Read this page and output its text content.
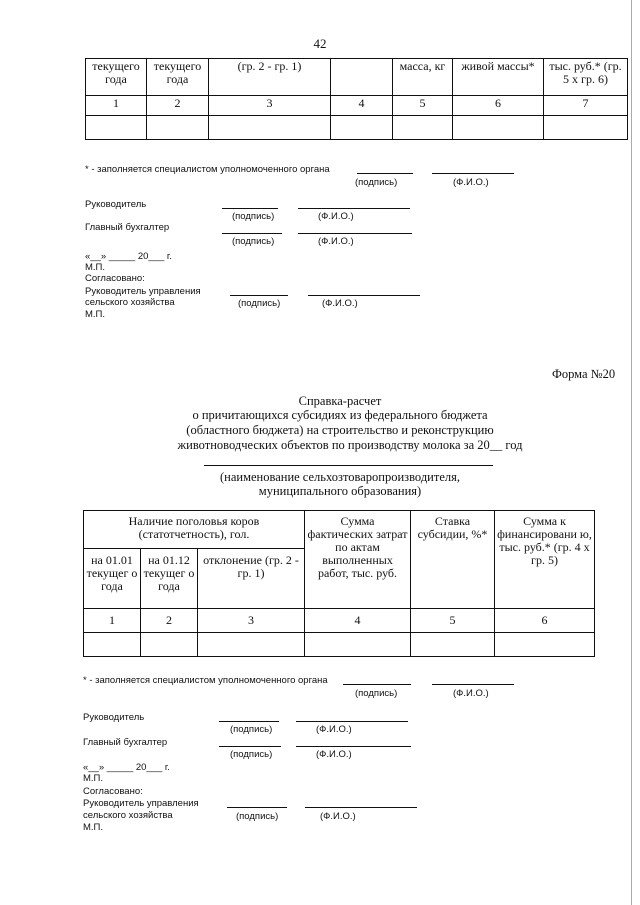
42
текущего года	текущего года	(гр. 2 - гр. 1)		масса, кг	живой массы*	тыс. руб.* (гр. 5 х гр. 6)
1	2	3	4	5	6	7

* - заполняется специалистом уполномоченного органа
(подпись)	(Ф.И.О.)
Руководитель
(подпись)	(Ф.И.О.)
Главный бухгалтер
(подпись)	(Ф.И.О.)
«__» _____ 20___ г.
М.П.
Согласовано:
Руководитель управления
сельского хозяйства	(подпись)	(Ф.И.О.)
М.П.
Форма №20
Справка-расчет
о причитающихся субсидиях из федерального бюджета
(областного бюджета) на строительство и реконструкцию
животноводческих объектов по производству молока за 20__ год
(наименование сельхозтоваропроизводителя,
муниципального образования)
Наличие поголовья коров (статотчетность), гол.			Сумма фактических затрат по актам выполненных работ, тыс. руб.	Ставка субсидии, %*	Сумма к финансировани ю, тыс. руб.* (гр. 4 х гр. 5)
на 01.01 текущег о года	на 01.12 текущег о года	отклонение (гр. 2 - гр. 1)			
1	2	3	4	5	6

* - заполняется специалистом уполномоченного органа
(подпись)	(Ф.И.О.)
Руководитель
(подпись)	(Ф.И.О.)
Главный бухгалтер
(подпись)	(Ф.И.О.)
«__» _____ 20___ г.
М.П.
Согласовано:
Руководитель управления
сельского хозяйства	(подпись)	(Ф.И.О.)
М.П.
